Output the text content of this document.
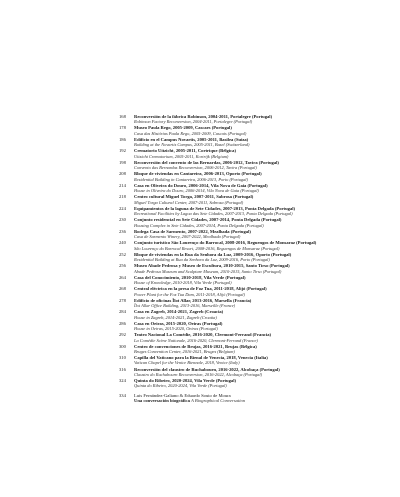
168	Reconversión de la fábrica Robinson, 2004-2011, Portalegre (Portugal)
Robinson Factory Reconversion, 2004-2011, Portalegre (Portugal)
178	Museo Paula Rego, 2005-2009, Cascaes (Portugal)
Casa das Histórias Paula Rego, 2005-2009, Cascais (Portugal)
186	Edificio en el Campus Novartis, 2005-2011, Basilea (Suiza)
Building at the Novartis Campus, 2005-2011, Basel (Switzerland)
192	Crematorio Uitzicht, 2005-2011, Cortrique (Bélgica)
Uitzicht Crematorium, 2005-2011, Kortrijk (Belgium)
198	Reconversión del convento de las Bernardas, 2006-2012, Tavira (Portugal)
Convento das Bernardas Reconversion, 2006-2012, Tavira (Portugal)
208	Bloque de viviendas en Cantareira, 2006-2013, Oporto (Portugal)
Residential Building in Cantareira, 2006-2013, Porto (Portugal)
214	Casa en Oliveira do Douro, 2006-2014, Vila Nova de Gaia (Portugal)
House in Oliveira do Douro, 2006-2014, Vila Nova de Gaia (Portugal)
218	Centro cultural Miguel Torga, 2007-2011, Sabrosa (Portugal)
Miguel Torga Cultural Center, 2007-2011, Sabrosa (Portugal)
224	Equipamientos de la laguna de Sete Cidades, 2007-2013, Ponta Delgada (Portugal)
Recreational Facilities by Lagoa das Sete Cidades, 2007-2013, Ponta Delgada (Portugal)
230	Conjunto residencial en Sete Cidades, 2007-2014, Ponta Delgada (Portugal)
Housing Complex in Sete Cidades, 2007-2014, Ponta Delgada (Portugal)
236	Bodega Casa de Sarmento, 2007-2022, Mealhada (Portugal)
Casa de Sarmento Winery, 2007-2022, Mealhada (Portugal)
240	Conjunto turístico São Lourenço do Barrocal, 2008-2016, Reguengos de Monsaraz (Portugal)
São Lourenço do Barrocal Resort, 2008-2016, Reguengos de Monsaraz (Portugal)
252	Bloque de viviendas en la Rua da Senhora da Luz, 2009-2016, Oporto (Portugal)
Residential Building at Rua da Senhora da Luz, 2009-2016, Porto (Portugal)
256	Museo Abade Pedrosa y Museo de Escultura, 2010-2015, Santo Tirso (Portugal)
Abade Pedrosa Museum and Sculpture Museum, 2010-2015, Santo Tirso (Portugal)
264	Casa del Conocimiento, 2010-2018, Vila Verde (Portugal)
House of Knowledge, 2010-2018, Vila Verde (Portugal)
268	Central eléctrica en la presa de Foz Tua, 2011-2018, Alijó (Portugal)
Power Plant for the Foz Tua Dam, 2011-2018, Alijó (Portugal)
278	Edificio de oficinas Îlot Allar, 2013-2016, Marsella (Francia)
Îlot Allar Office Building, 2013-2016, Marseille (France)
284	Casa en Zagreb, 2014-2021, Zagreb (Croacia)
House in Zagreb, 2014-2021, Zagreb (Croatia)
286	Casa en Oeiras, 2015-2020, Oeiras (Portugal)
House in Oeiras, 2015-2020, Oeiras (Portugal)
292	Teatro Nacional La Comédie, 2016-2020, Clermont-Ferrand (Francia)
La Comédie Scène Nationale, 2016-2020, Clermont-Ferrand (France)
300	Centro de convenciones de Brujas, 2016-2021, Brujas (Bélgica)
Bruges Convention Center, 2016-2021, Bruges (Belgium)
310	Capilla del Vaticano para la Bienal de Venecia, 2018, Venecia (Italia)
Vatican Chapel for the Venice Biennale, 2018, Venice (Italy)
316	Reconversión del claustro de Ruchabourn, 2016-2022, Alcobaça (Portugal)
Claustro do Ruchabourn Reconversion, 2016-2022, Alcobaça (Portugal)
324	Quinta do Ribeiro, 2020-2024, Vila Verde (Portugal)
Quinta do Ribeiro, 2020-2024, Vila Verde (Portugal)
334	Luis Fernández-Galiano & Eduardo Souto de Moura
Una conversación biográfica A Biographical Conversation
